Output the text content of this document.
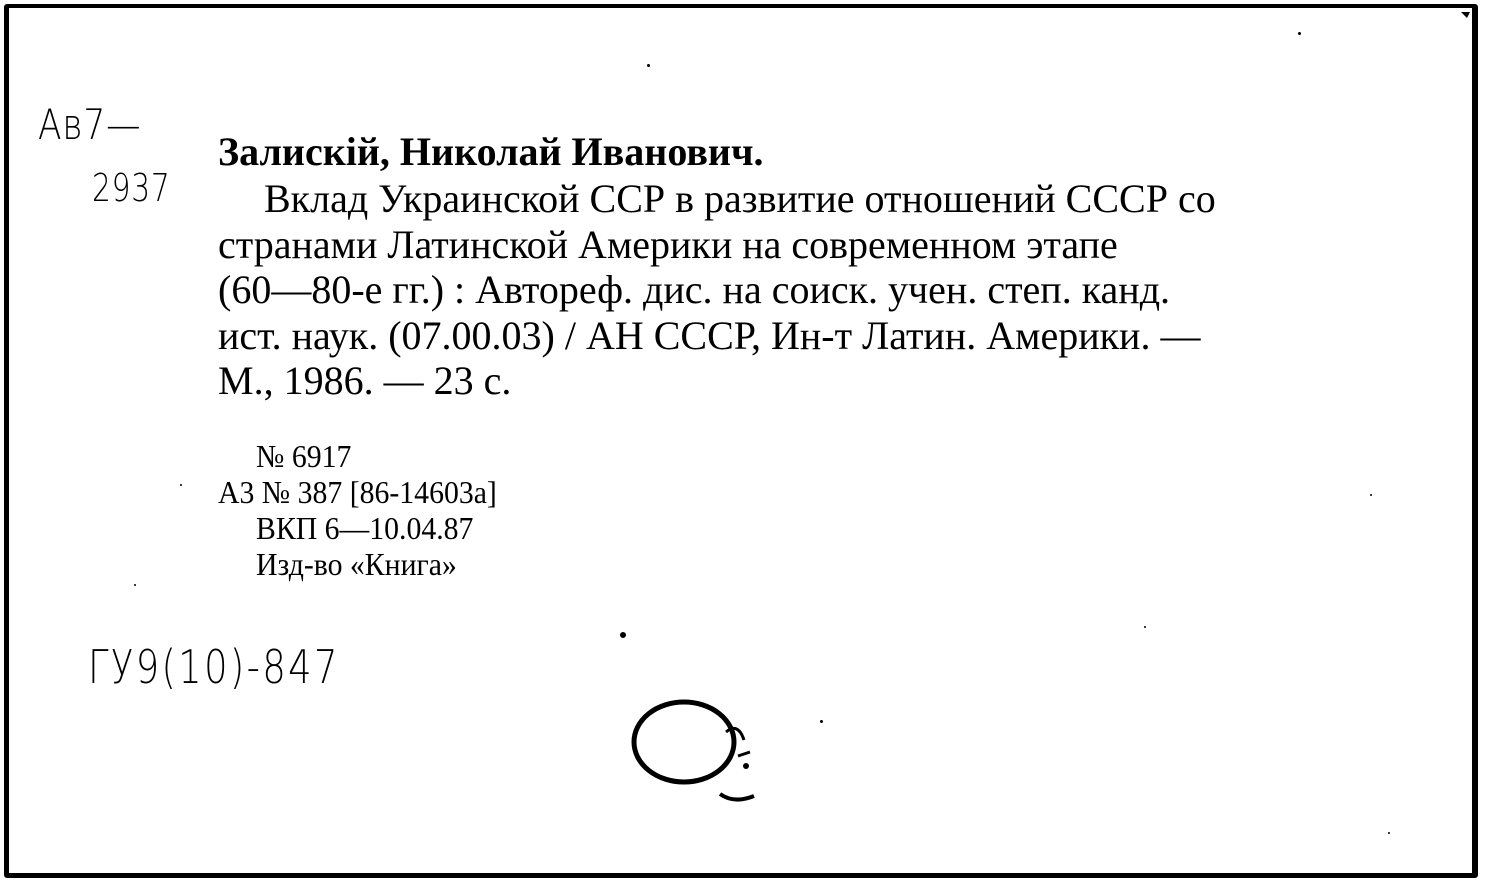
Ав7—
2937
Залискій, Николай Иванович.

Вклад Украинской ССР в развитие отношений СССР со

странами Латинской Америки на современном этапе

(60—80-е гг.) : Автореф. дис. на соиск. учен. степ. канд.

ист. наук. (07.00.03) / АН СССР, Ин-т Латин. Америки. —

М., 1986. — 23 с.

№ 6917
А3 № 387 [86-14603а]
ВКП 6—10.04.87
Изд-во «Книга»
ГУ9(10)-847
